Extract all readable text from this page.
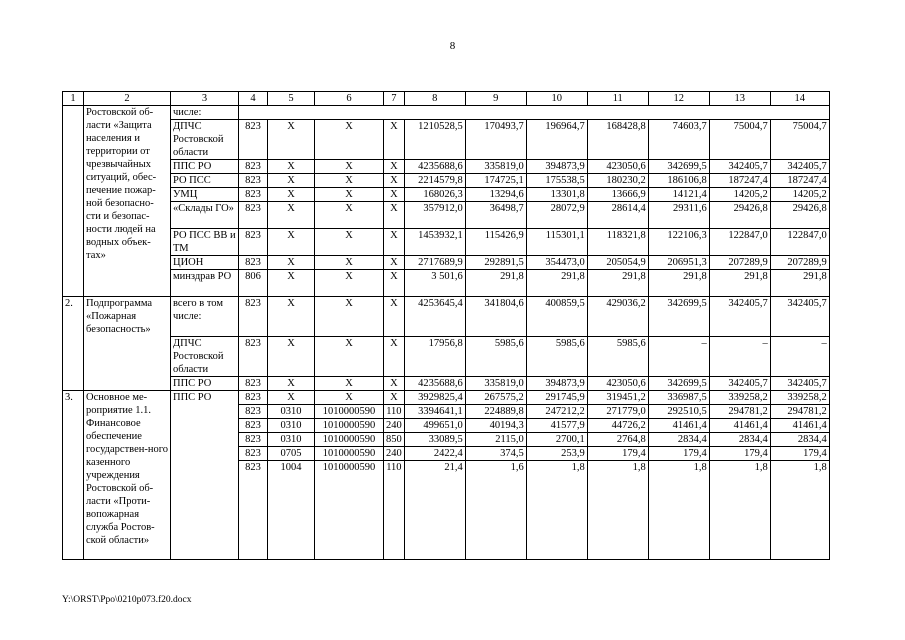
8
1	2	3	4	5	6	7	8	9	10	11	12	13	14
	Ростовской об-ласти «Защита населения и территории от чрезвычайных ситуаций, обес-печение пожар-ной безопасно-сти и безопас-ности людей на водных объек-тах»	числе:											
		ДПЧС Ростовской области	823	Х	Х	Х	1210528,5	170493,7	196964,7	168428,8	74603,7	75004,7	75004,7
		ППС РО	823	Х	Х	Х	4235688,6	335819,0	394873,9	423050,6	342699,5	342405,7	342405,7
		РО ПСС	823	Х	Х	Х	2214579,8	174725,1	175538,5	180230,2	186106,8	187247,4	187247,4
		УМЦ	823	Х	Х	Х	168026,3	13294,6	13301,8	13666,9	14121,4	14205,2	14205,2
		«Склады ГО»	823	Х	Х	Х	357912,0	36498,7	28072,9	28614,4	29311,6	29426,8	29426,8
		РО ПСС ВВ и ТМ	823	Х	Х	Х	1453932,1	115426,9	115301,1	118321,8	122106,3	122847,0	122847,0
		ЦИОН	823	Х	Х	Х	2717689,9	292891,5	354473,0	205054,9	206951,3	207289,9	207289,9
		минздрав РО	806	Х	Х	Х	3 501,6	291,8	291,8	291,8	291,8	291,8	291,8
2.	Подпрограмма «Пожарная безопасность»	всего в том числе:	823	Х	Х	Х	4253645,4	341804,6	400859,5	429036,2	342699,5	342405,7	342405,7
		ДПЧС Ростовской области	823	Х	Х	Х	17956,8	5985,6	5985,6	5985,6	–	–	–
		ППС РО	823	Х	Х	Х	4235688,6	335819,0	394873,9	423050,6	342699,5	342405,7	342405,7
3.	Основное ме-роприятие 1.1. Финансовое обеспечение государствен-ного казенного учреждения Ростовской об-ласти «Проти-вопожарная служба Ростов-ской области»	ППС РО	823	Х	Х	Х	3929825,4	267575,2	291745,9	319451,2	336987,5	339258,2	339258,2
			823	0310	1010000590	110	3394641,1	224889,8	247212,2	271779,0	292510,5	294781,2	294781,2
			823	0310	1010000590	240	499651,0	40194,3	41577,9	44726,2	41461,4	41461,4	41461,4
			823	0310	1010000590	850	33089,5	2115,0	2700,1	2764,8	2834,4	2834,4	2834,4
			823	0705	1010000590	240	2422,4	374,5	253,9	179,4	179,4	179,4	179,4
			823	1004	1010000590	110	21,4	1,6	1,8	1,8	1,8	1,8	1,8
Y:\ORST\Ppo\0210p073.f20.docx
